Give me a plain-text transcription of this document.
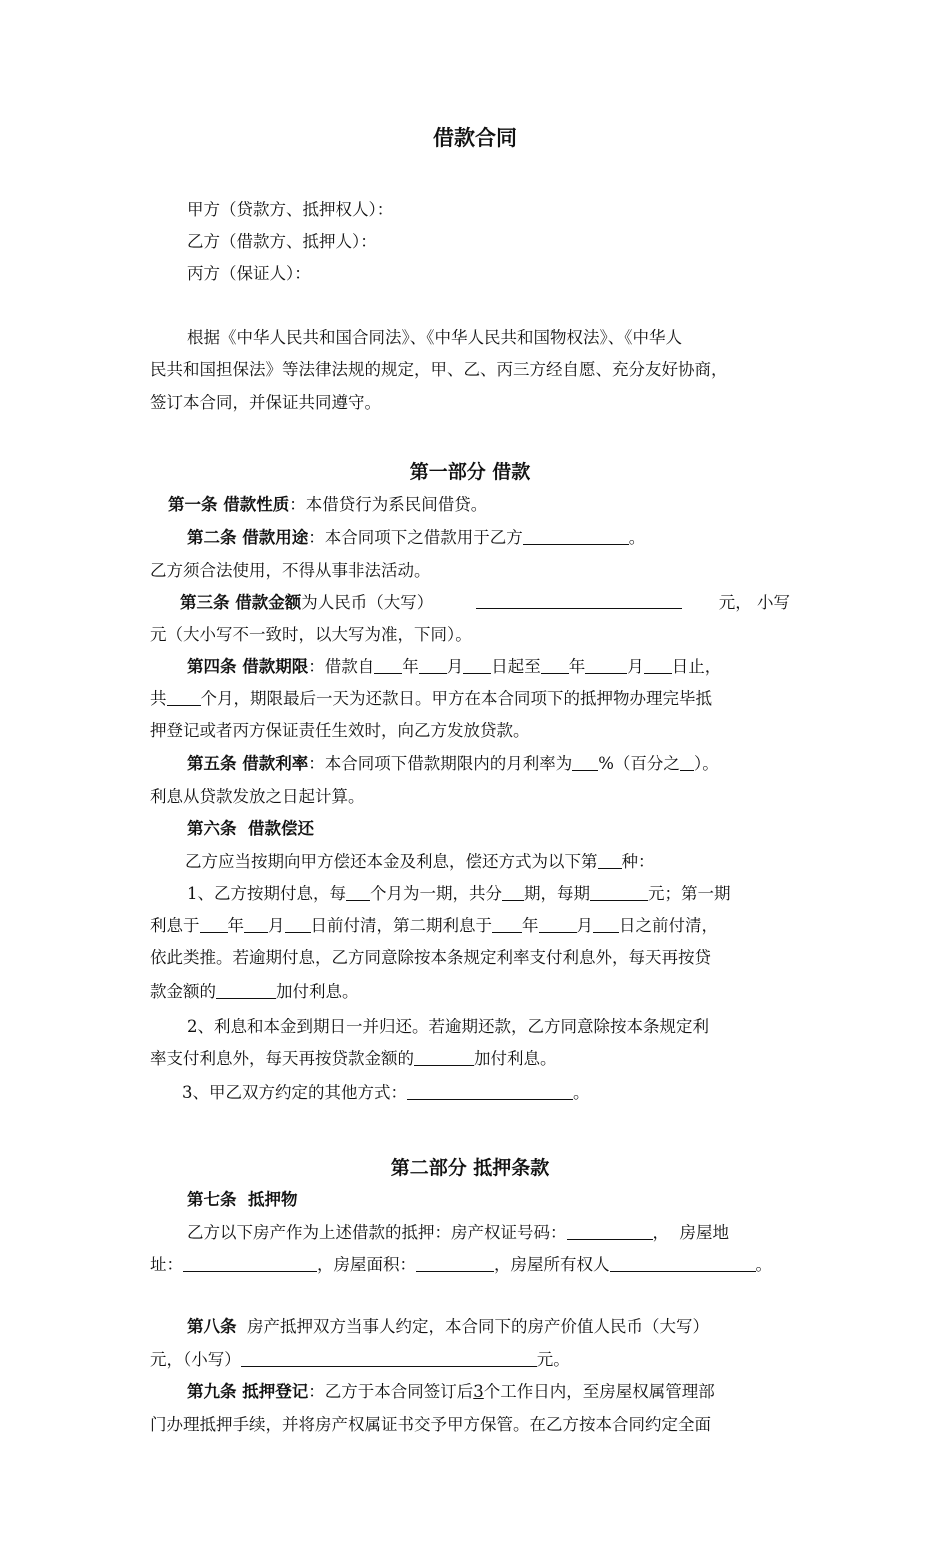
借款合同
甲方（贷款方、抵押权人）：
乙方（借款方、抵押人）：
丙方（保证人）：
根据《中华人民共和国合同法》、《中华人民共和国物权法》、《中华人
民共和国担保法》等法律法规的规定，甲、乙、丙三方经自愿、充分友好协商，
签订本合同，并保证共同遵守。
第一部分 借款
第一条 借款性质：本借贷行为系民间借贷。
第二条 借款用途：本合同项下之借款用于乙方	。
乙方须合法使用，不得从事非法活动。
第三条 借款金额为人民币（大写）	元， 小写
元（大小写不一致时，以大写为准，下同）。
第四条 借款期限：借款自 年 月 日起至 年	月 日止，
共 个月，期限最后一天为还款日。甲方在本合同项下的抵押物办理完毕抵
押登记或者丙方保证责任生效时，向乙方发放贷款。
第五条 借款利率：本合同项下借款期限内的月利率为 %（百分之 ）。
利息从贷款发放之日起计算。
第六条  借款偿还
乙方应当按期向甲方偿还本金及利息，偿还方式为以下第 种：
1、乙方按期付息，每 个月为一期，共分 期，每期	元；第一期
利息于 年 月 日前付清，第二期利息于 年 月 日之前付清，
依此类推。若逾期付息，乙方同意除按本条规定利率支付利息外，每天再按贷
款金额的	加付利息。
2、利息和本金到期日一并归还。若逾期还款，乙方同意除按本条规定利
率支付利息外，每天再按贷款金额的	加付利息。
3、甲乙双方约定的其他方式：	。
第二部分 抵押条款
第七条  抵押物
乙方以下房产作为上述借款的抵押：房产权证号码：	，  房屋地
址：	，房屋面积：	，房屋所有权人	。
第八条  房产抵押双方当事人约定，本合同下的房产价值人民币（大写）
元，（小写）	元。
第九条 抵押登记：乙方于本合同签订后3个工作日内，至房屋权属管理部
门办理抵押手续，并将房产权属证书交予甲方保管。在乙方按本合同约定全面
